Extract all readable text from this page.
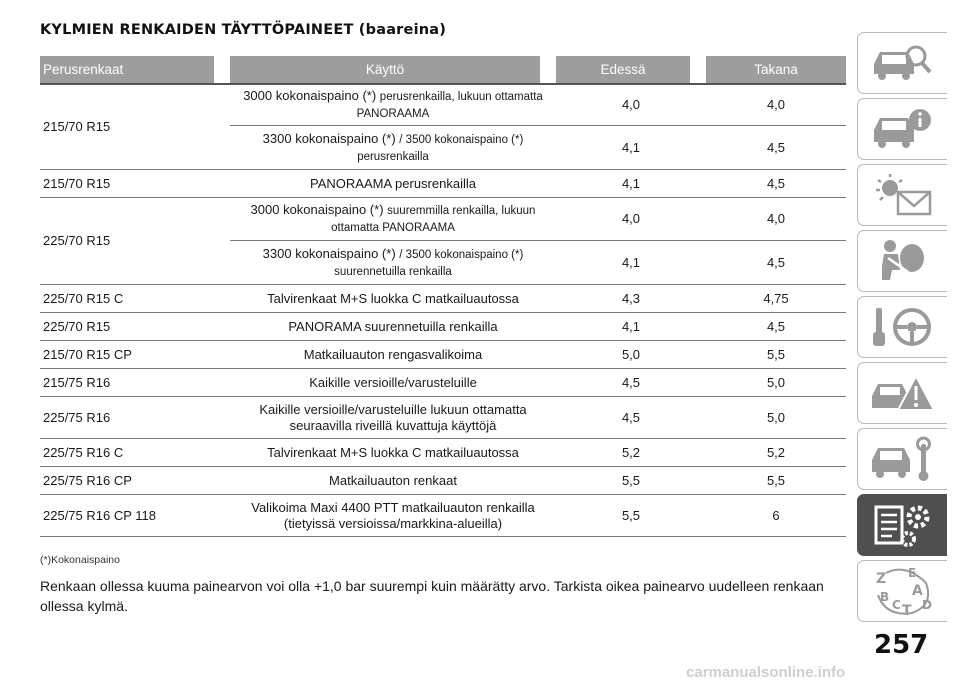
KYLMIEN RENKAIDEN TÄYTTÖPAINEET (baareina)
Perusrenkaat	Käyttö	Edessä	Takana
215/70 R15	3000 kokonaispaino (*) perusrenkailla, lukuun ottamatta PANORAAMA	4,0	4,0
	3300 kokonaispaino (*) / 3500 kokonaispaino (*) perusrenkailla	4,1	4,5
215/70 R15	PANORAAMA perusrenkailla	4,1	4,5
225/70 R15	3000 kokonaispaino (*) suuremmilla renkailla, lukuun ottamatta PANORAAMA	4,0	4,0
	3300 kokonaispaino (*) / 3500 kokonaispaino (*) suurennetuilla renkailla	4,1	4,5
225/70 R15 C	Talvirenkaat M+S luokka C matkailuautossa	4,3	4,75
225/70 R15	PANORAMA suurennetuilla renkailla	4,1	4,5
215/70 R15 CP	Matkailuauton rengasvalikoima	5,0	5,5
215/75 R16	Kaikille versioille/varusteluille	4,5	5,0
225/75 R16	Kaikille versioille/varusteluille lukuun ottamatta seuraavilla riveillä kuvattuja käyttöjä	4,5	5,0
225/75 R16 C	Talvirenkaat M+S luokka C matkailuautossa	5,2	5,2
225/75 R16 CP	Matkailuauton renkaat	5,5	5,5
225/75 R16 CP 118	Valikoima Maxi 4400 PTT matkailuauton renkailla (tietyissä versioissa/markkina-alueilla)	5,5	6
(*)Kokonaispaino
Renkaan ollessa kuuma painearvon voi olla +1,0 bar suurempi kuin määrätty arvo. Tarkista oikea painearvo uudelleen renkaan ollessa kylmä.
257
carmanualsonline.info
Z E
A
B
D
C T
